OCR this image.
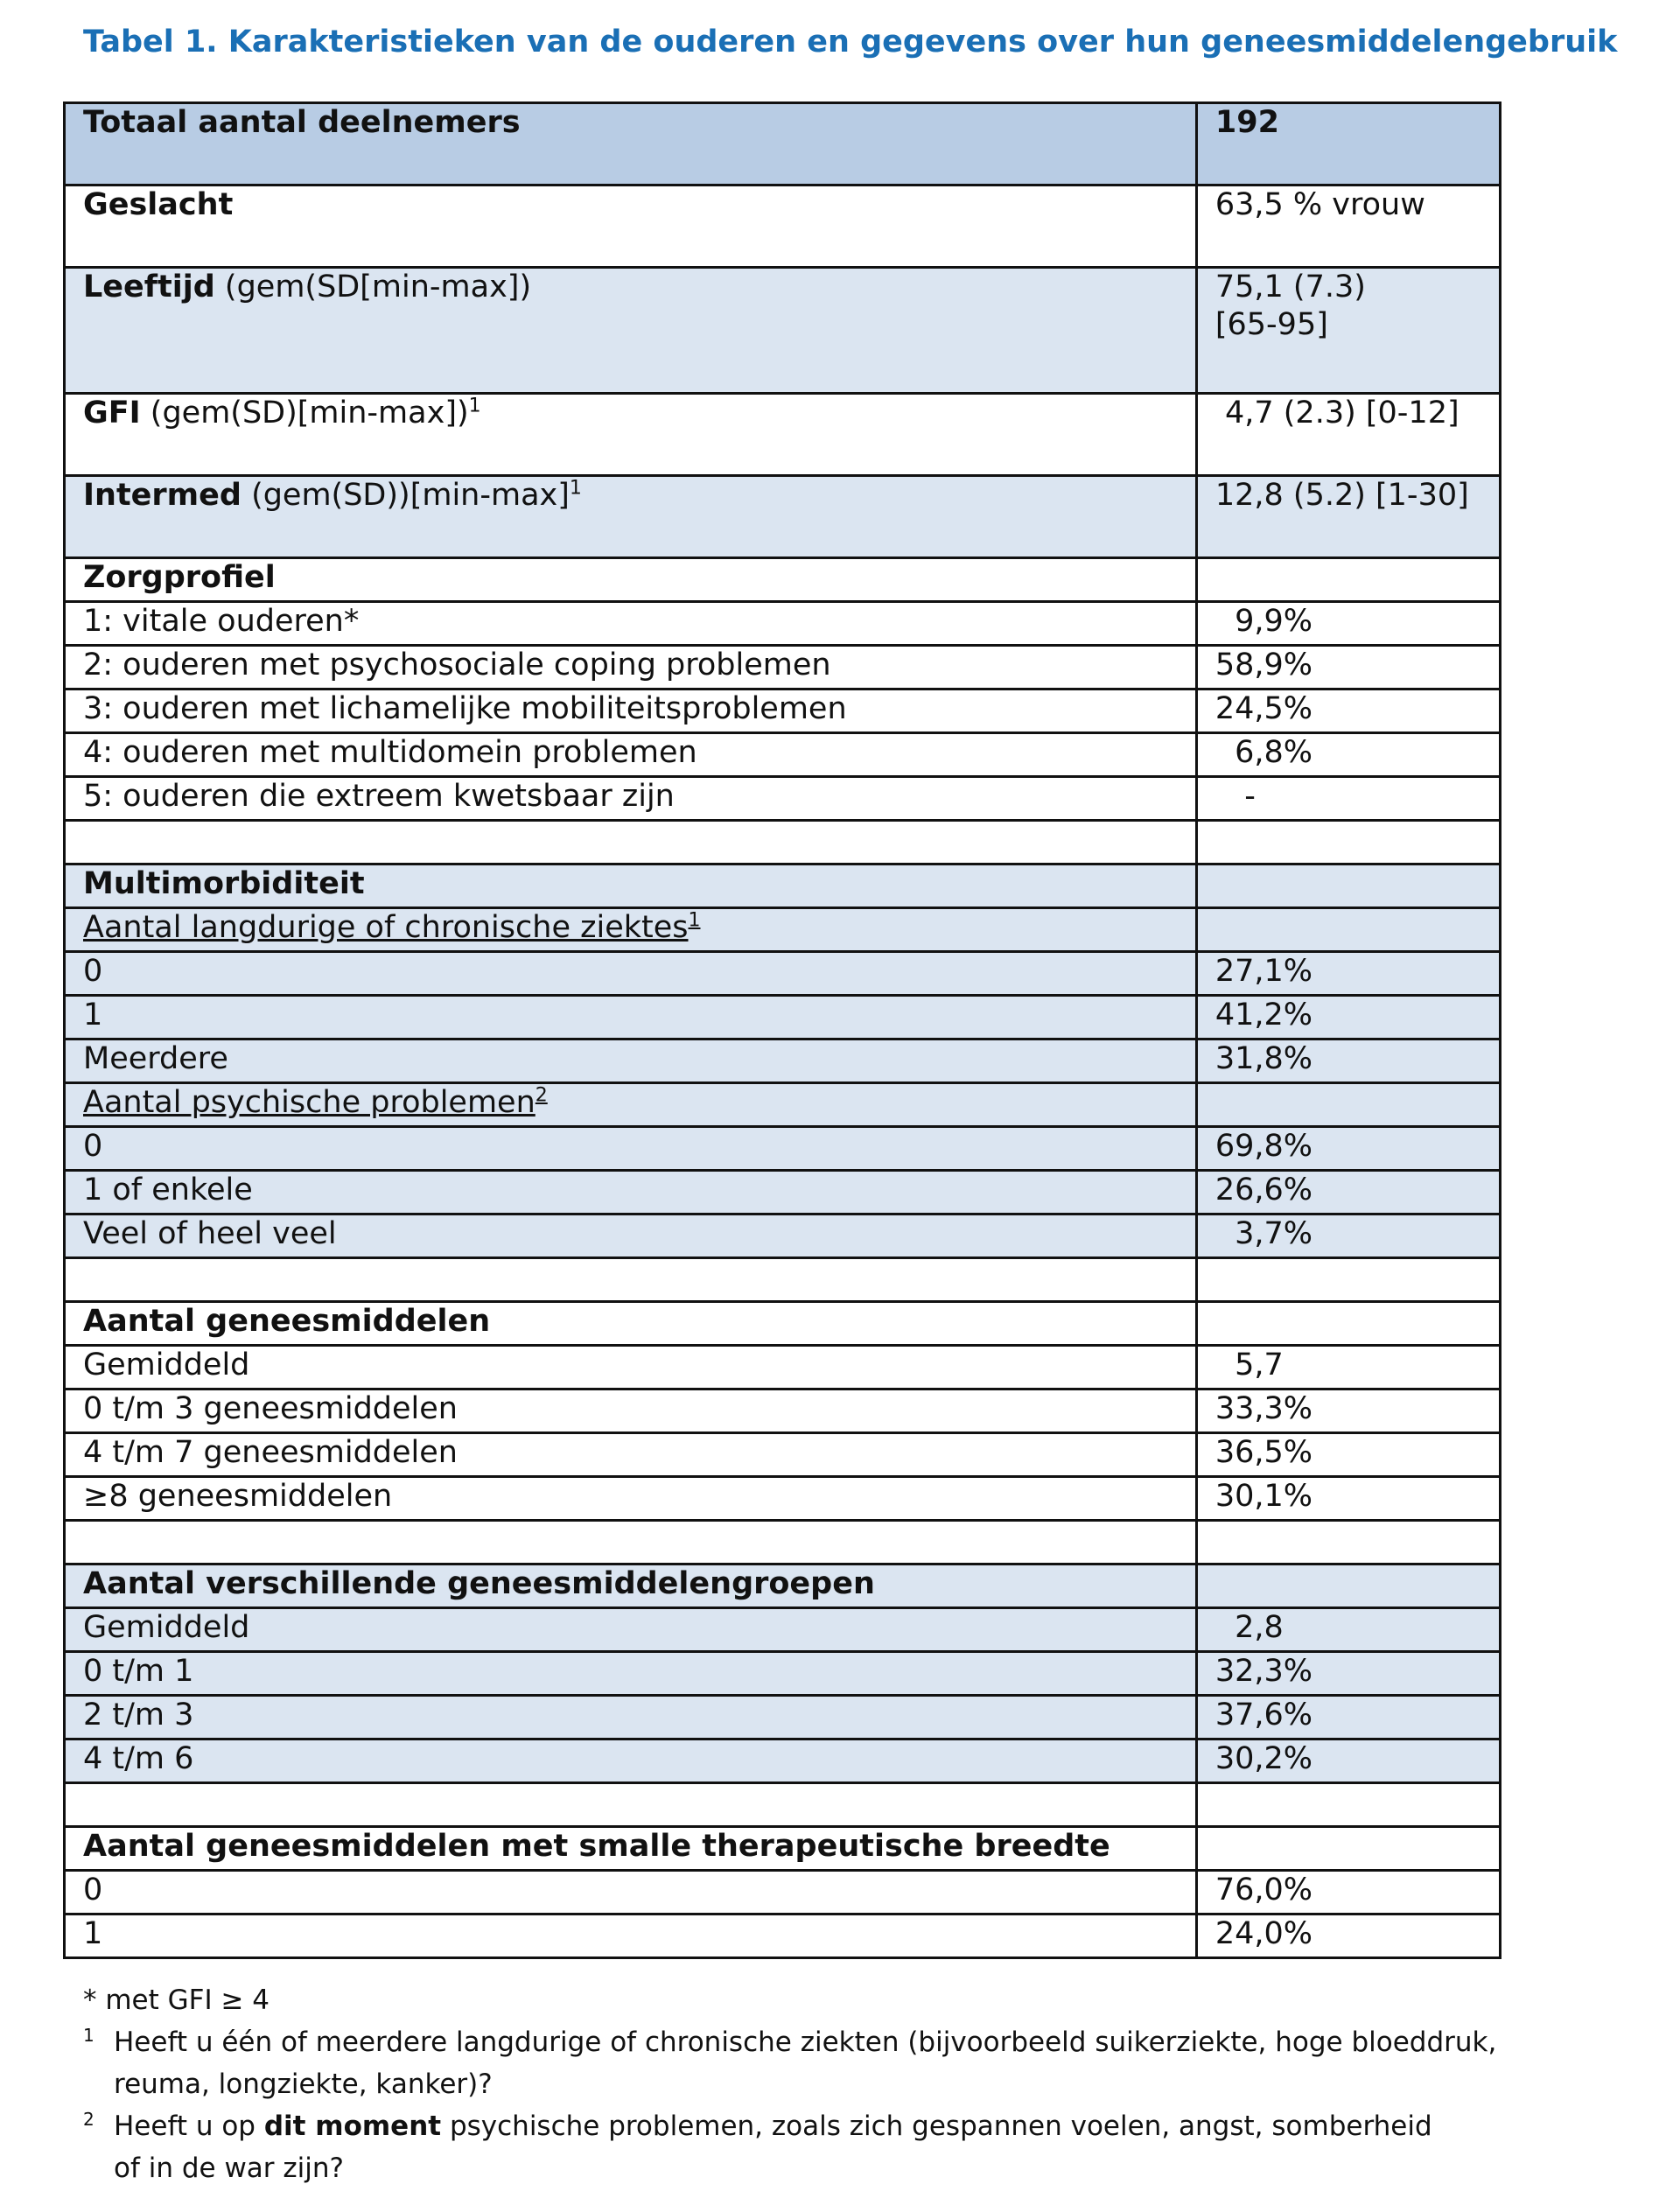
Tabel 1. Karakteristieken van de ouderen en gegevens over hun geneesmiddelengebruik
Totaal aantal deelnemers	192
Geslacht	63,5 % vrouw
Leeftijd (gem(SD[min-max])	75,1 (7.3)
[65-95]
GFI $(gem(SD)[\min-\max])^1$	4,7 (2.3) [0-12]
Intermed $(gem(SD))[\min-\max]^1$	12,8 (5.2) [1-30]
Zorgprofiel	
1: vitale ouderen*	9,9%
2: ouderen met psychosociale coping problemen	58,9%
3: ouderen met lichamelijke mobiliteitsproblemen	24,5%
4: ouderen met multidomein problemen	6,8%
5: ouderen die extreem kwetsbaar zijn	-

Multimorbiditeit	
Aantal langdurige of chronische ziektes$^1$	
0	27,1%
1	41,2%
Meerdere	31,8%
Aantal psychische problemen$^2$	
0	69,8%
1 of enkele	26,6%
Veel of heel veel	3,7%

Aantal geneesmiddelen	
Gemiddeld	5,7
0 t/m 3 geneesmiddelen	33,3%
4 t/m 7 geneesmiddelen	36,5%
≥8 geneesmiddelen	30,1%

Aantal verschillende geneesmiddelengroepen	
Gemiddeld	2,8
0 t/m 1	32,3%
2 t/m 3	37,6%
4 t/m 6	30,2%

Aantal geneesmiddelen met smalle therapeutische breedte	
0	76,0%
1	24,0%
* met GFI ≥ 4
1 Heeft u één of meerdere langdurige of chronische ziekten (bijvoorbeeld suikerziekte, hoge bloeddruk,
reuma, longziekte, kanker)?
2 Heeft u op dit moment psychische problemen, zoals zich gespannen voelen, angst, somberheid
of in de war zijn?
